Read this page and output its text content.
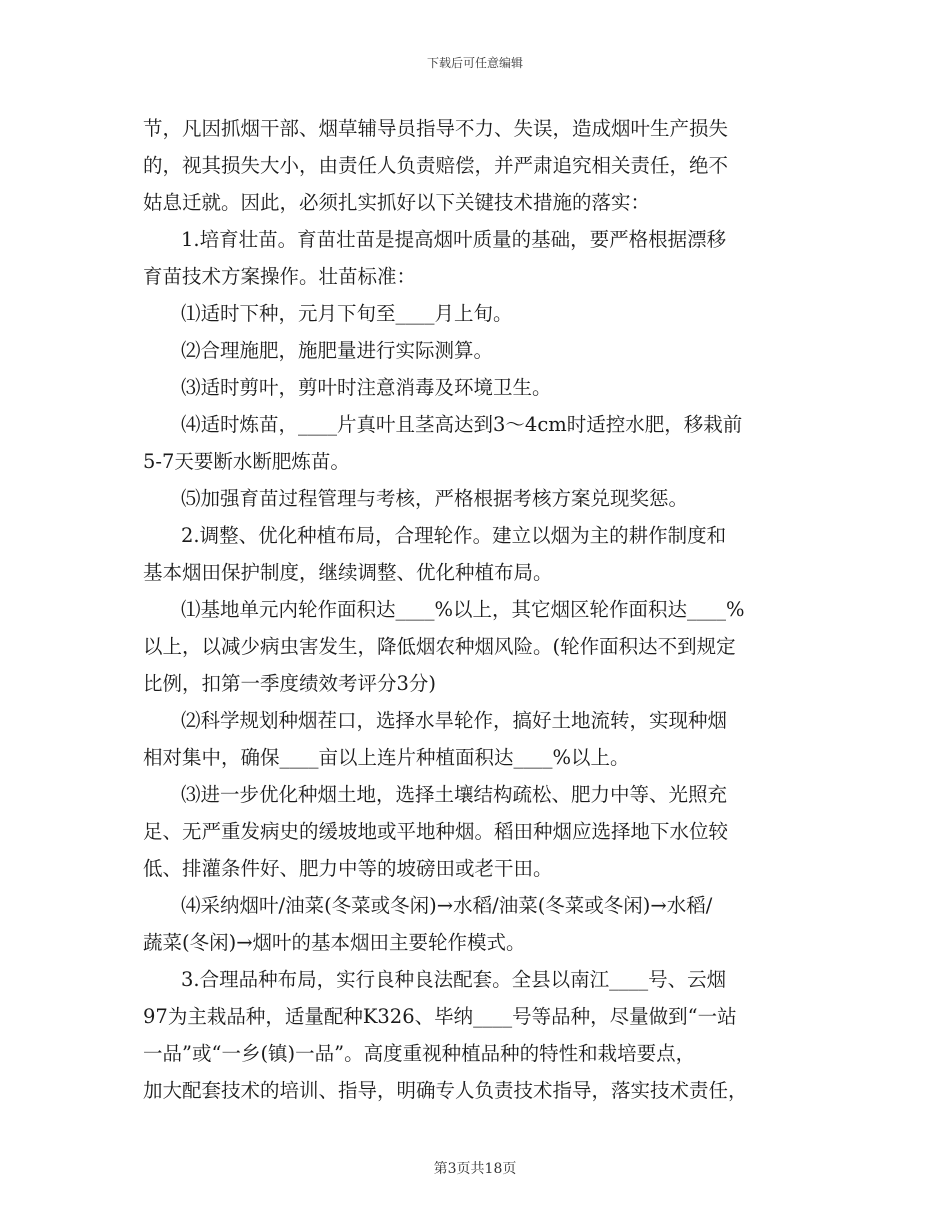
下载后可任意编辑
节，凡因抓烟干部、烟草辅导员指导不力、失误，造成烟叶生产损失
的，视其损失大小，由责任人负责赔偿，并严肃追究相关责任，绝不
姑息迁就。因此，必须扎实抓好以下关键技术措施的落实：
1.培育壮苗。育苗壮苗是提高烟叶质量的基础，要严格根据漂移
育苗技术方案操作。壮苗标准：
⑴适时下种，元月下旬至____月上旬。
⑵合理施肥，施肥量进行实际测算。
⑶适时剪叶，剪叶时注意消毒及环境卫生。
⑷适时炼苗，____片真叶且茎高达到3～4cm时适控水肥，移栽前
5-7天要断水断肥炼苗。
⑸加强育苗过程管理与考核，严格根据考核方案兑现奖惩。
2.调整、优化种植布局，合理轮作。建立以烟为主的耕作制度和
基本烟田保护制度，继续调整、优化种植布局。
⑴基地单元内轮作面积达____%以上，其它烟区轮作面积达____%
以上，以减少病虫害发生，降低烟农种烟风险。(轮作面积达不到规定
比例，扣第一季度绩效考评分3分)
⑵科学规划种烟茬口，选择水旱轮作，搞好土地流转，实现种烟
相对集中，确保____亩以上连片种植面积达____%以上。
⑶进一步优化种烟土地，选择土壤结构疏松、肥力中等、光照充
足、无严重发病史的缓坡地或平地种烟。稻田种烟应选择地下水位较
低、排灌条件好、肥力中等的坡磅田或老干田。
⑷采纳烟叶/油菜(冬菜或冬闲)→水稻/油菜(冬菜或冬闲)→水稻/
蔬菜(冬闲)→烟叶的基本烟田主要轮作模式。
3.合理品种布局，实行良种良法配套。全县以南江____号、云烟
97为主栽品种，适量配种K326、毕纳____号等品种，尽量做到“一站
一品”或“一乡(镇)一品”。高度重视种植品种的特性和栽培要点，
加大配套技术的培训、指导，明确专人负责技术指导，落实技术责任，
第3页共18页
